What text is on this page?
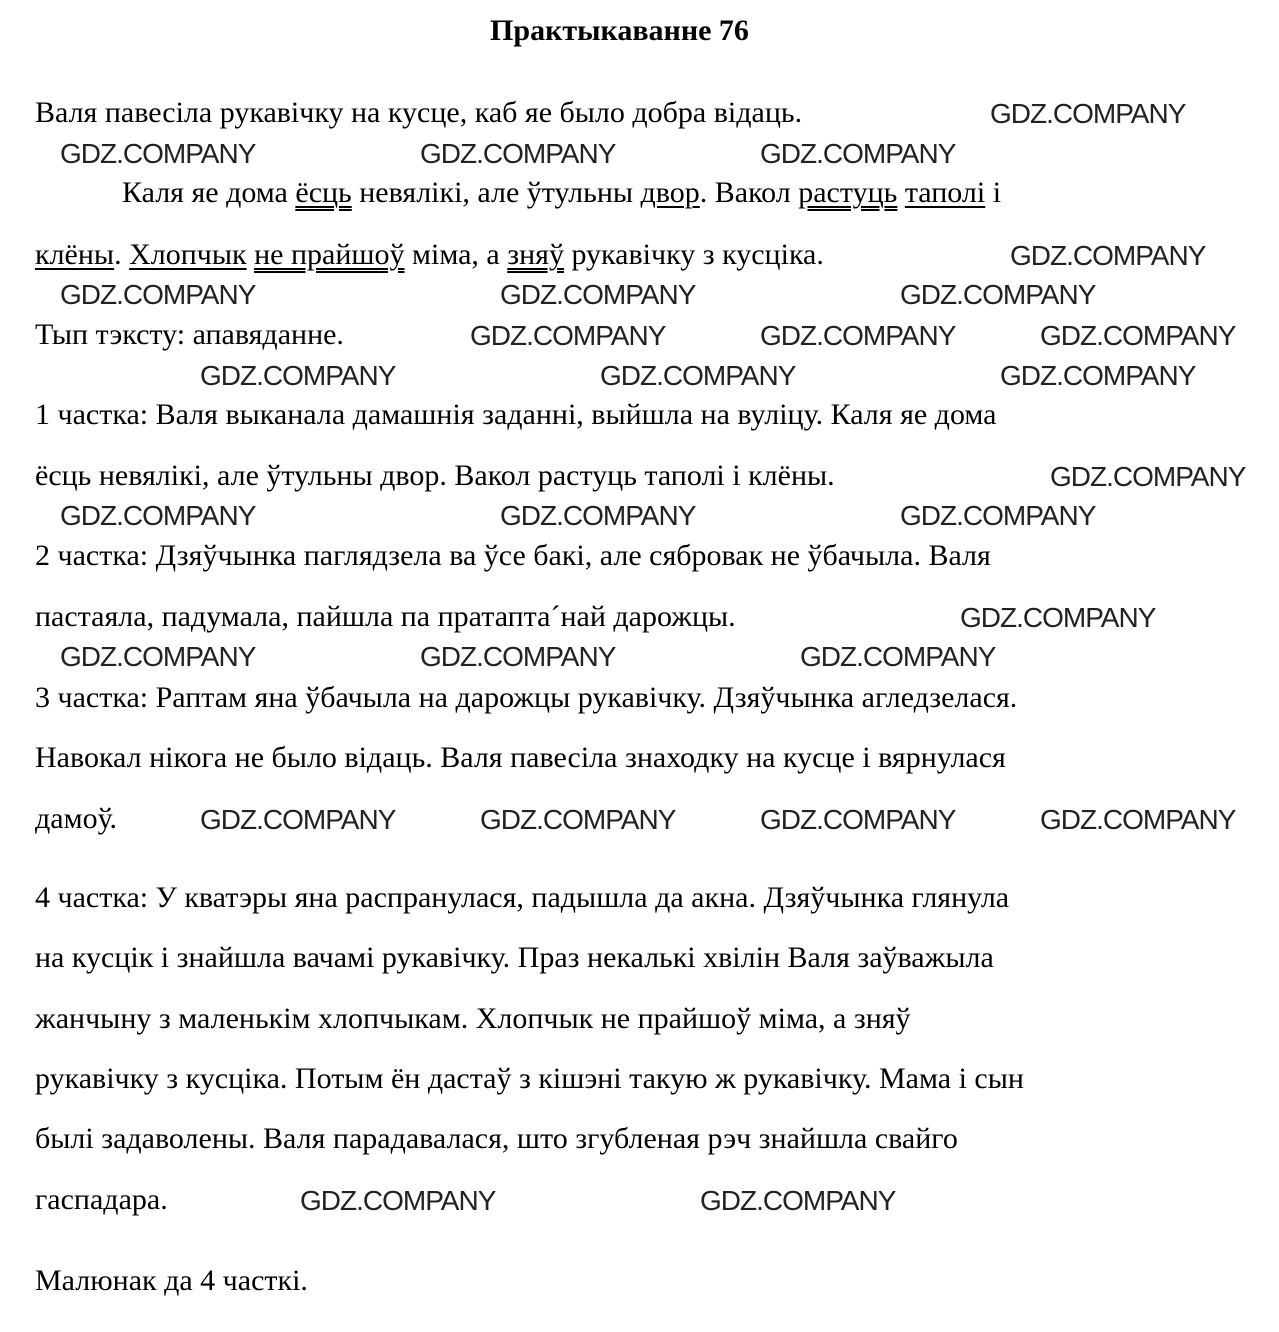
Практыкаванне 76
Валя павесіла рукавічку на кусце, каб яе было добра відаць.
Каля яе дома ёсць невялікі, але ўтульны двор. Вакол растуць таполі і
клёны. Хлопчык не прайшоў міма, а зняў рукавічку з кусціка.
Тып тэксту: апавяданне.
1 частка: Валя выканала дамашнія заданні, выйшла на вуліцу. Каля яе дома
ёсць невялікі, але ўтульны двор. Вакол растуць таполі і клёны.
2 частка: Дзяўчынка паглядзела ва ўсе бакі, але сябровак не ўбачыла. Валя
пастаяла, падумала, пайшла па пратапта´най дарожцы.
3 частка: Раптам яна ўбачыла на дарожцы рукавічку. Дзяўчынка агледзелася.
Навокал нікога не было відаць. Валя павесіла знаходку на кусце і вярнулася
дамоў.
4 частка: У кватэры яна распранулася, падышла да акна. Дзяўчынка глянула
на кусцік і знайшла вачамі рукавічку. Праз некалькі хвілін Валя заўважыла
жанчыну з маленькім хлопчыкам. Хлопчык не прайшоў міма, а зняў
рукавічку з кусціка. Потым ён дастаў з кішэні такую ж рукавічку. Мама і сын
былі задаволены. Валя парадавалася, што згубленая рэч знайшла свайго
гаспадара.
Малюнак да 4 часткі.
GDZ.COMPANY
GDZ.COMPANY	GDZ.COMPANY	GDZ.COMPANY
GDZ.COMPANY
GDZ.COMPANY	GDZ.COMPANY	GDZ.COMPANY
GDZ.COMPANY	GDZ.COMPANY	GDZ.COMPANY
GDZ.COMPANY	GDZ.COMPANY	GDZ.COMPANY
GDZ.COMPANY
GDZ.COMPANY	GDZ.COMPANY	GDZ.COMPANY
GDZ.COMPANY
GDZ.COMPANY	GDZ.COMPANY	GDZ.COMPANY
GDZ.COMPANY	GDZ.COMPANY	GDZ.COMPANY	GDZ.COMPANY
GDZ.COMPANY	GDZ.COMPANY
